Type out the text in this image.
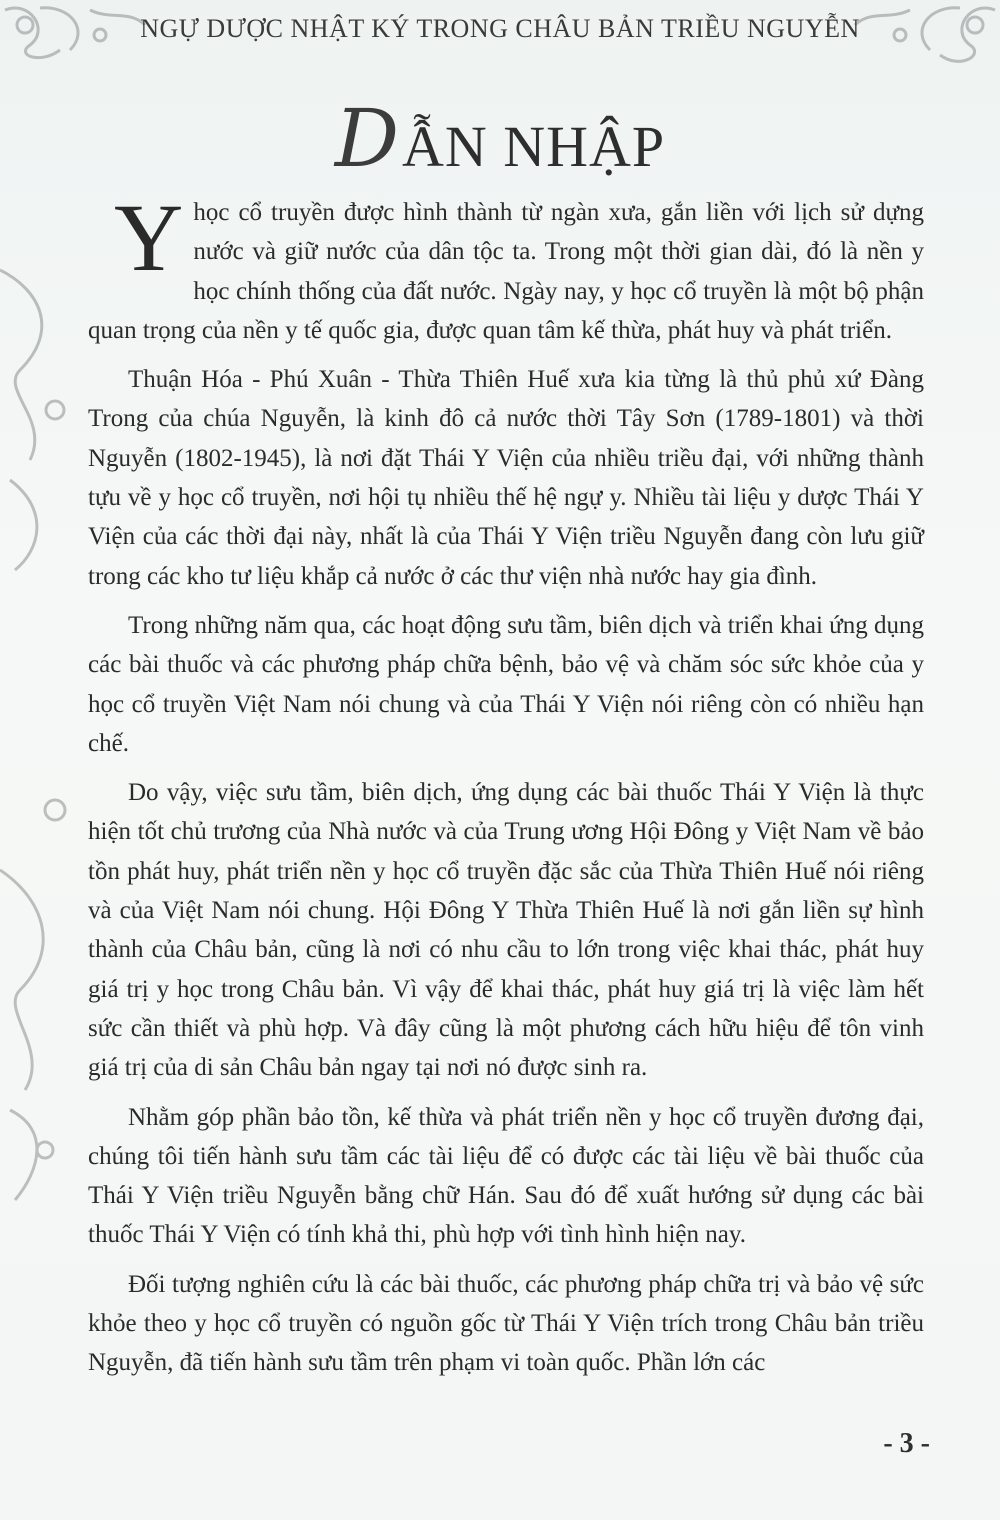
NGỰ DƯỢC NHẬT KÝ TRONG CHÂU BẢN TRIỀU NGUYỄN
DẪN NHẬP

Y học cổ truyền được hình thành từ ngàn xưa, gắn liền với lịch sử dựng nước và giữ nước của dân tộc ta. Trong một thời gian dài, đó là nền y học chính thống của đất nước. Ngày nay, y học cổ truyền là một bộ phận quan trọng của nền y tế quốc gia, được quan tâm kế thừa, phát huy và phát triển.

Thuận Hóa - Phú Xuân - Thừa Thiên Huế xưa kia từng là thủ phủ xứ Đàng Trong của chúa Nguyễn, là kinh đô cả nước thời Tây Sơn (1789-1801) và thời Nguyễn (1802-1945), là nơi đặt Thái Y Viện của nhiều triều đại, với những thành tựu về y học cổ truyền, nơi hội tụ nhiều thế hệ ngự y. Nhiều tài liệu y dược Thái Y Viện của các thời đại này, nhất là của Thái Y Viện triều Nguyễn đang còn lưu giữ trong các kho tư liệu khắp cả nước ở các thư viện nhà nước hay gia đình.

Trong những năm qua, các hoạt động sưu tầm, biên dịch và triển khai ứng dụng các bài thuốc và các phương pháp chữa bệnh, bảo vệ và chăm sóc sức khỏe của y học cổ truyền Việt Nam nói chung và của Thái Y Viện nói riêng còn có nhiều hạn chế.

Do vậy, việc sưu tầm, biên dịch, ứng dụng các bài thuốc Thái Y Viện là thực hiện tốt chủ trương của Nhà nước và của Trung ương Hội Đông y Việt Nam về bảo tồn phát huy, phát triển nền y học cổ truyền đặc sắc của Thừa Thiên Huế nói riêng và của Việt Nam nói chung. Hội Đông Y Thừa Thiên Huế là nơi gắn liền sự hình thành của Châu bản, cũng là nơi có nhu cầu to lớn trong việc khai thác, phát huy giá trị y học trong Châu bản. Vì vậy để khai thác, phát huy giá trị là việc làm hết sức cần thiết và phù hợp. Và đây cũng là một phương cách hữu hiệu để tôn vinh giá trị của di sản Châu bản ngay tại nơi nó được sinh ra.

Nhằm góp phần bảo tồn, kế thừa và phát triển nền y học cổ truyền đương đại, chúng tôi tiến hành sưu tầm các tài liệu để có được các tài liệu về bài thuốc của Thái Y Viện triều Nguyễn bằng chữ Hán. Sau đó để xuất hướng sử dụng các bài thuốc Thái Y Viện có tính khả thi, phù hợp với tình hình hiện nay.

Đối tượng nghiên cứu là các bài thuốc, các phương pháp chữa trị và bảo vệ sức khỏe theo y học cổ truyền có nguồn gốc từ Thái Y Viện trích trong Châu bản triều Nguyễn, đã tiến hành sưu tầm trên phạm vi toàn quốc. Phần lớn các

- 3 -
